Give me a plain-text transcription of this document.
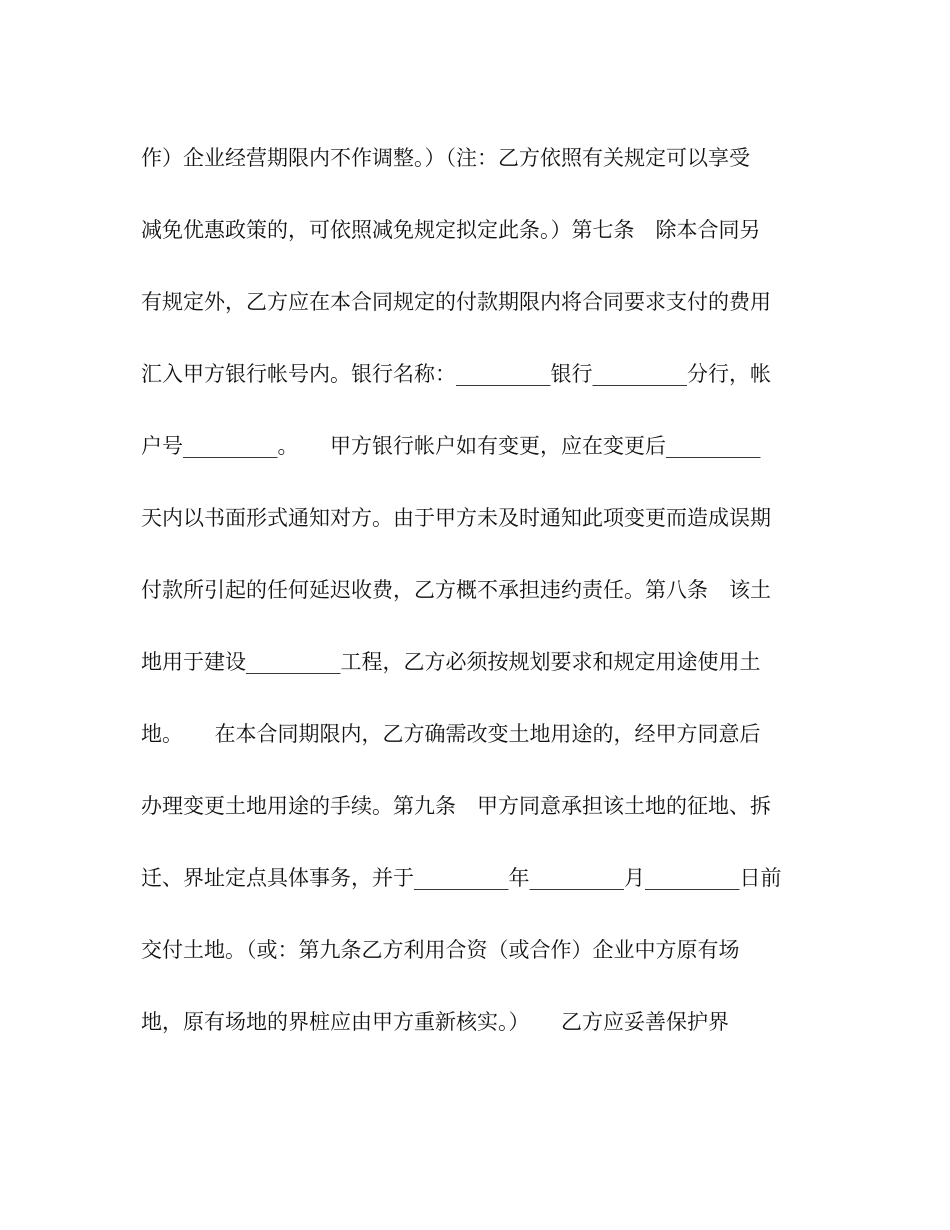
作）企业经营期限内不作调整。）（注：乙方依照有关规定可以享受

减免优惠政策的，可依照减免规定拟定此条。）第七条　除本合同另

有规定外，乙方应在本合同规定的付款期限内将合同要求支付的费用

汇入甲方银行帐号内。银行名称：_________银行_________分行，帐

户号_________。　　甲方银行帐户如有变更，应在变更后_________

天内以书面形式通知对方。由于甲方未及时通知此项变更而造成误期

付款所引起的任何延迟收费，乙方概不承担违约责任。第八条　该土

地用于建设_________工程，乙方必须按规划要求和规定用途使用土

地。　　在本合同期限内，乙方确需改变土地用途的，经甲方同意后

办理变更土地用途的手续。第九条　甲方同意承担该土地的征地、拆

迁、界址定点具体事务，并于_________年_________月_________日前

交付土地。（或：第九条乙方利用合资（或合作）企业中方原有场

地，原有场地的界桩应由甲方重新核实。）　　乙方应妥善保护界
